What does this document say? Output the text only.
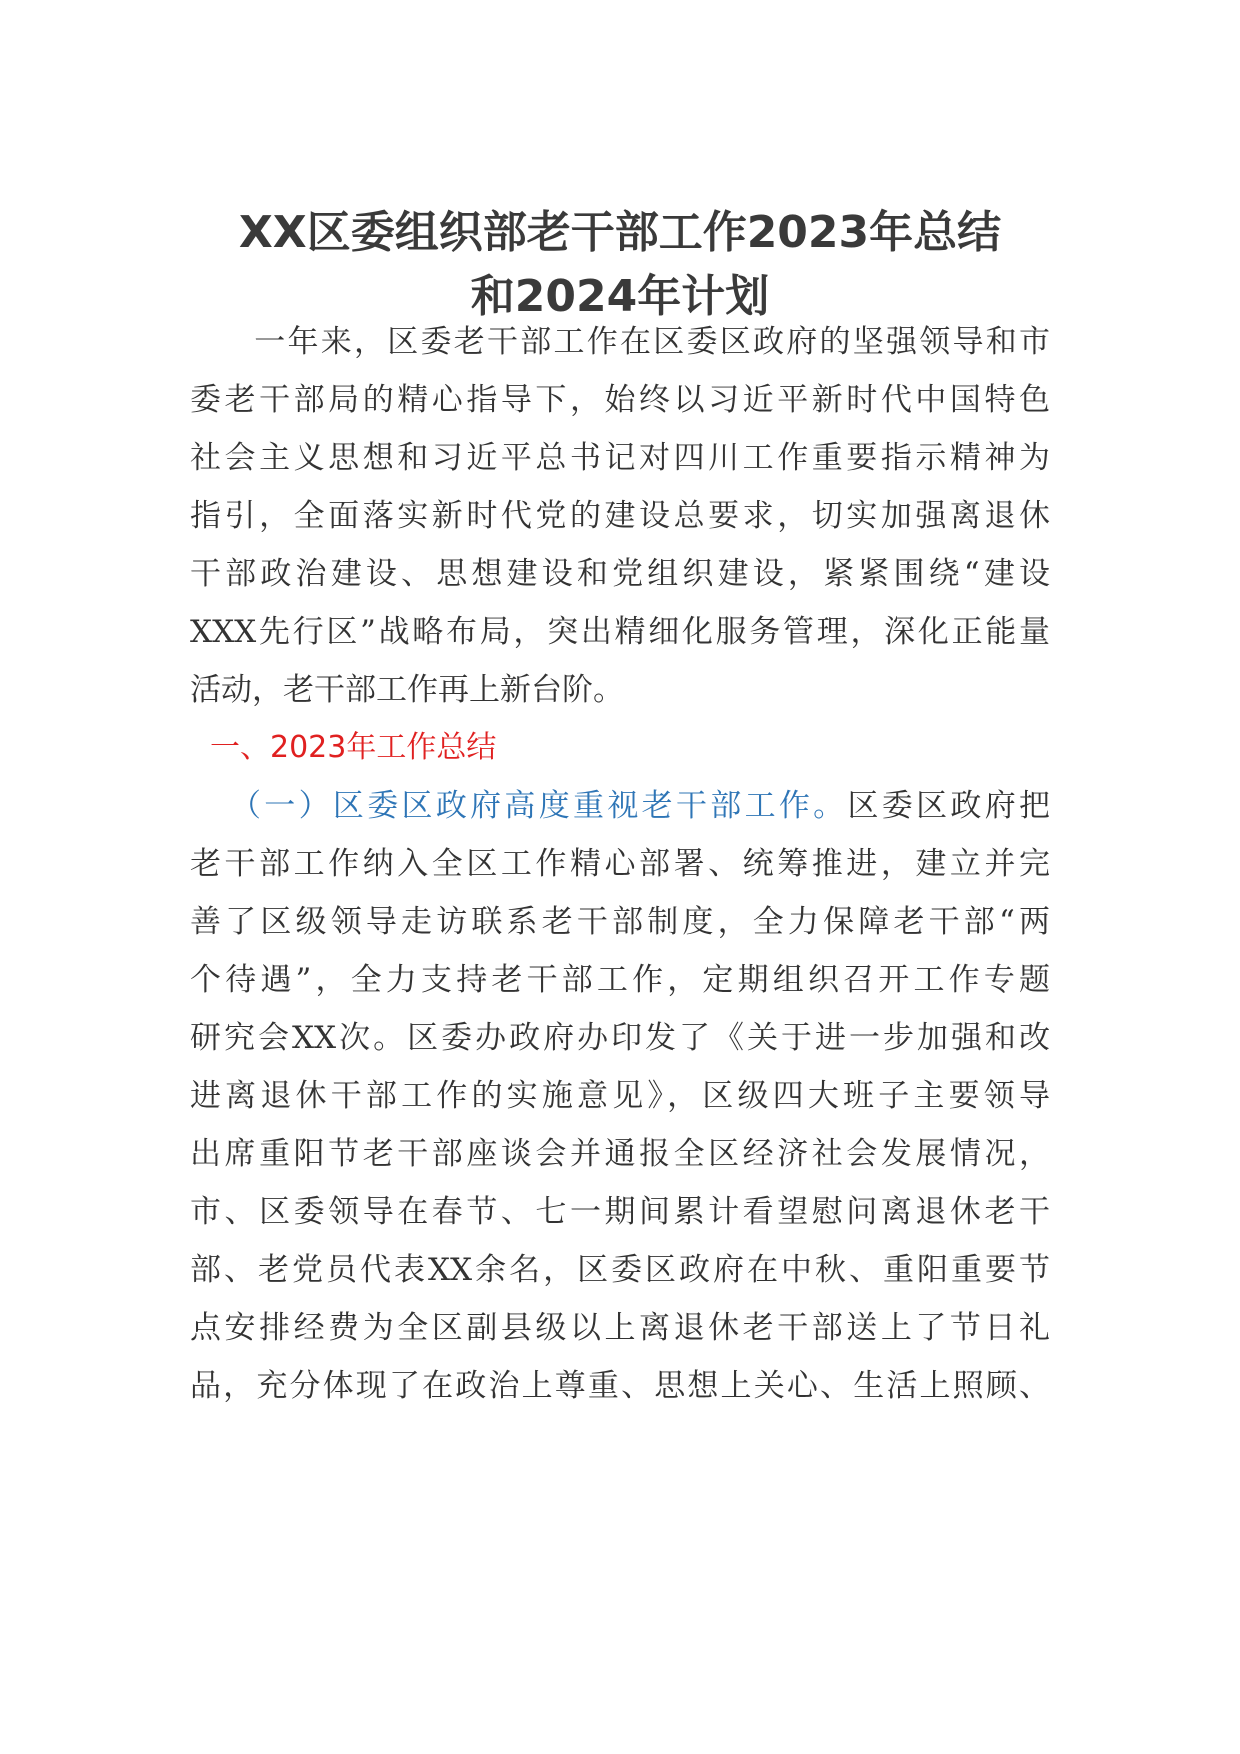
XX区委组织部老干部工作2023年总结
和2024年计划
一年来，区委老干部工作在区委区政府的坚强领导和市
委老干部局的精心指导下，始终以习近平新时代中国特色
社会主义思想和习近平总书记对四川工作重要指示精神为
指引，全面落实新时代党的建设总要求，切实加强离退休
干部政治建设、思想建设和党组织建设，紧紧围绕“建设
XXX先行区”战略布局，突出精细化服务管理，深化正能量
活动，老干部工作再上新台阶。
一、2023年工作总结
（一）区委区政府高度重视老干部工作。区委区政府把
老干部工作纳入全区工作精心部署、统筹推进，建立并完
善了区级领导走访联系老干部制度，全力保障老干部“两
个待遇”，全力支持老干部工作，定期组织召开工作专题
研究会XX次。区委办政府办印发了《关于进一步加强和改
进离退休干部工作的实施意见》，区级四大班子主要领导
出席重阳节老干部座谈会并通报全区经济社会发展情况，
市、区委领导在春节、七一期间累计看望慰问离退休老干
部、老党员代表XX余名，区委区政府在中秋、重阳重要节
点安排经费为全区副县级以上离退休老干部送上了节日礼
品，充分体现了在政治上尊重、思想上关心、生活上照顾、
